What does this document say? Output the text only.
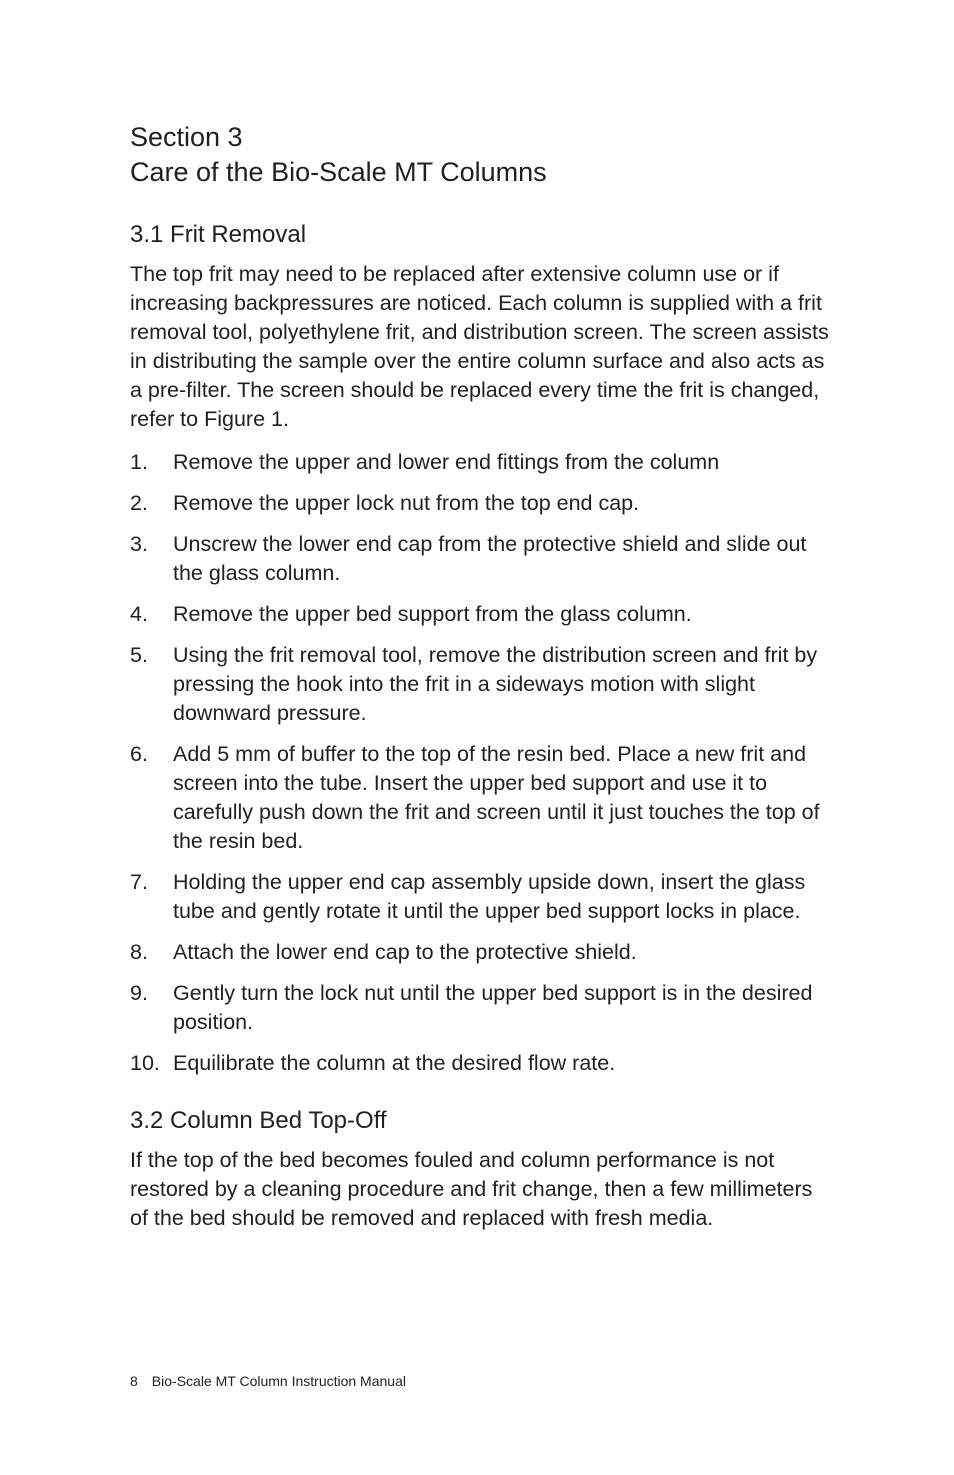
Section 3
Care of the Bio-Scale MT Columns
3.1 Frit Removal

The top frit may need to be replaced after extensive column use or if increasing backpressures are noticed. Each column is supplied with a frit removal tool, polyethylene frit, and distribution screen. The screen assists in distributing the sample over the entire column surface and also acts as a pre-filter. The screen should be replaced every time the frit is changed, refer to Figure 1.

1. Remove the upper and lower end fittings from the column
2. Remove the upper lock nut from the top end cap.
3. Unscrew the lower end cap from the protective shield and slide out the glass column.
4. Remove the upper bed support from the glass column.
5. Using the frit removal tool, remove the distribution screen and frit by pressing the hook into the frit in a sideways motion with slight downward pressure.
6. Add 5 mm of buffer to the top of the resin bed. Place a new frit and screen into the tube. Insert the upper bed support and use it to carefully push down the frit and screen until it just touches the top of the resin bed.
7. Holding the upper end cap assembly upside down, insert the glass tube and gently rotate it until the upper bed support locks in place.
8. Attach the lower end cap to the protective shield.
9. Gently turn the lock nut until the upper bed support is in the desired position.
10. Equilibrate the column at the desired flow rate.
3.2 Column Bed Top-Off

If the top of the bed becomes fouled and column performance is not restored by a cleaning procedure and frit change, then a few millimeters of the bed should be removed and replaced with fresh media.

8 Bio-Scale MT Column Instruction Manual
